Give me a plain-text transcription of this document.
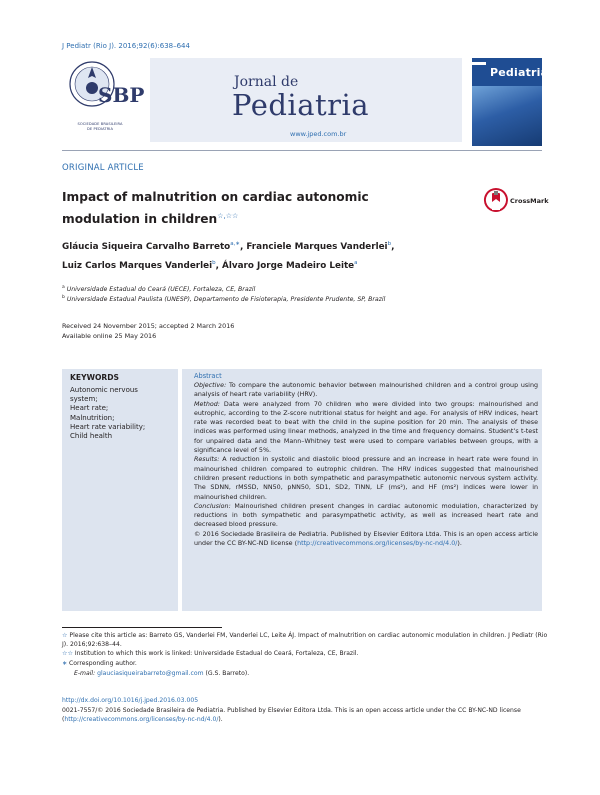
J Pediatr (Rio J). 2016;92(6):638–644
SBP
SOCIEDADE BRASILEIRA
DE PEDIATRIA
Jornal de
Pediatria
www.jped.com.br
Pediatria
ORIGINAL ARTICLE
Impact of malnutrition on cardiac autonomic
modulation in children☆,☆☆
CrossMark
Gláucia Siqueira Carvalho Barreto$^{a,∗}$, Franciele Marques Vanderlei$^b$,
Luiz Carlos Marques Vanderlei$^b$, Álvaro Jorge Madeiro Leite$^a$
$^a$ Universidade Estadual do Ceará (UECE), Fortaleza, CE, Brazil
$^b$ Universidade Estadual Paulista (UNESP), Departamento de Fisioterapia, Presidente Prudente, SP, Brazil
Received 24 November 2015; accepted 2 March 2016
Available online 25 May 2016
KEYWORDS
Autonomic nervous
system;
Heart rate;
Malnutrition;
Heart rate variability;
Child health
Abstract

Objective: To compare the autonomic behavior between malnourished children and a control group using analysis of heart rate variability (HRV).

Method: Data were analyzed from 70 children who were divided into two groups: malnourished and eutrophic, according to the Z-score nutritional status for height and age. For analysis of HRV indices, heart rate was recorded beat to beat with the child in the supine position for 20 min. The analysis of these indices was performed using linear methods, analyzed in the time and frequency domains. Student’s t-test for unpaired data and the Mann–Whitney test were used to compare variables between groups, with a significance level of 5%.

Results: A reduction in systolic and diastolic blood pressure and an increase in heart rate were found in malnourished children compared to eutrophic children. The HRV indices suggested that malnourished children present reductions in both sympathetic and parasympathetic autonomic nervous system activity. The SDNN, rMSSD, NN50, pNN50, SD1, SD2, TINN, LF (ms²), and HF (ms²) indices were lower in malnourished children.

Conclusion: Malnourished children present changes in cardiac autonomic modulation, characterized by reductions in both sympathetic and parasympathetic activity, as well as increased heart rate and decreased blood pressure.

© 2016 Sociedade Brasileira de Pediatria. Published by Elsevier Editora Ltda. This is an open access article under the CC BY-NC-ND license (http://creativecommons.org/licenses/by-nc-nd/4.0/).

☆ Please cite this article as: Barreto GS, Vanderlei FM, Vanderlei LC, Leite ÁJ. Impact of malnutrition on cardiac autonomic modulation in children. J Pediatr (Rio J). 2016;92:638–44.
☆☆ Institution to which this work is linked: Universidade Estadual do Ceará, Fortaleza, CE, Brazil.
∗ Corresponding author.
E-mail: glauciasiqueirabarreto@gmail.com (G.S. Barreto).
http://dx.doi.org/10.1016/j.jped.2016.03.005
0021-7557/© 2016 Sociedade Brasileira de Pediatria. Published by Elsevier Editora Ltda. This is an open access article under the CC BY-NC-ND license (http://creativecommons.org/licenses/by-nc-nd/4.0/).
